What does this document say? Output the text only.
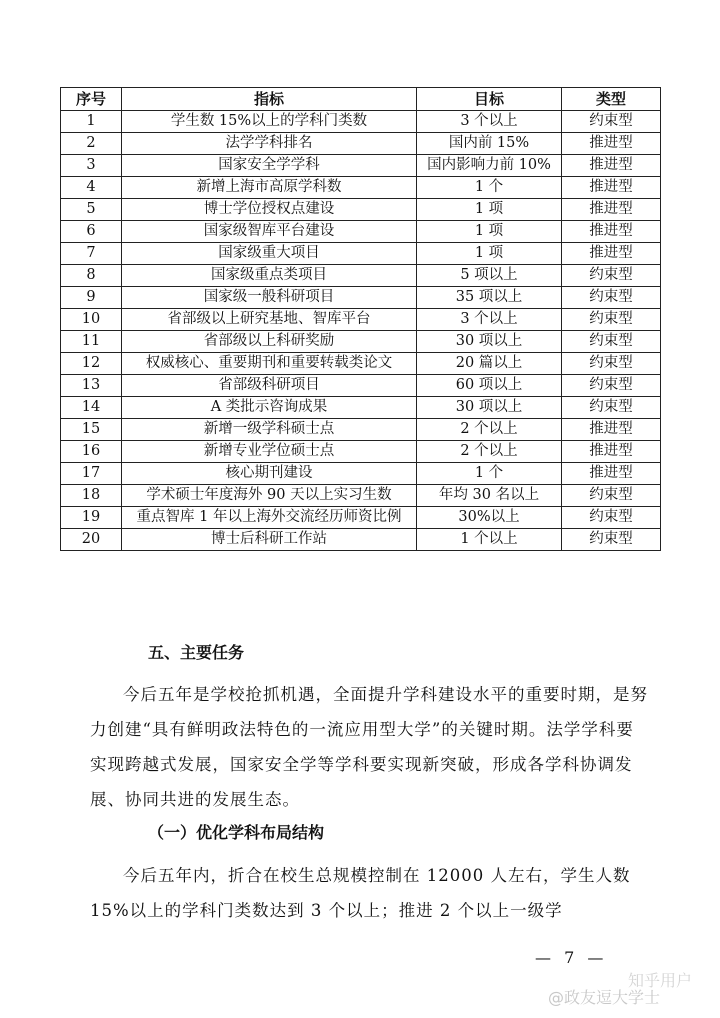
序号	指标	目标	类型
1	学生数 15%以上的学科门类数	3 个以上	约束型
2	法学学科排名	国内前 15%	推进型
3	国家安全学学科	国内影响力前 10%	推进型
4	新增上海市高原学科数	1 个	推进型
5	博士学位授权点建设	1 项	推进型
6	国家级智库平台建设	1 项	推进型
7	国家级重大项目	1 项	推进型
8	国家级重点类项目	5 项以上	约束型
9	国家级一般科研项目	35 项以上	约束型
10	省部级以上研究基地、智库平台	3 个以上	约束型
11	省部级以上科研奖励	30 项以上	约束型
12	权威核心、重要期刊和重要转载类论文	20 篇以上	约束型
13	省部级科研项目	60 项以上	约束型
14	A 类批示咨询成果	30 项以上	约束型
15	新增一级学科硕士点	2 个以上	推进型
16	新增专业学位硕士点	2 个以上	推进型
17	核心期刊建设	1 个	推进型
18	学术硕士年度海外 90 天以上实习生数	年均 30 名以上	约束型
19	重点智库 1 年以上海外交流经历师资比例	30%以上	约束型
20	博士后科研工作站	1 个以上	约束型
五、主要任务

今后五年是学校抢抓机遇，全面提升学科建设水平的重要时期，是努力创建“具有鲜明政法特色的一流应用型大学”的关键时期。法学学科要实现跨越式发展，国家安全学等学科要实现新突破，形成各学科协调发展、协同共进的发展生态。

（一）优化学科布局结构

今后五年内，折合在校生总规模控制在 12000 人左右，学生人数 15%以上的学科门类数达到 3 个以上；推进 2 个以上一级学

— 7 —
@政友逗大学士
知乎用户
